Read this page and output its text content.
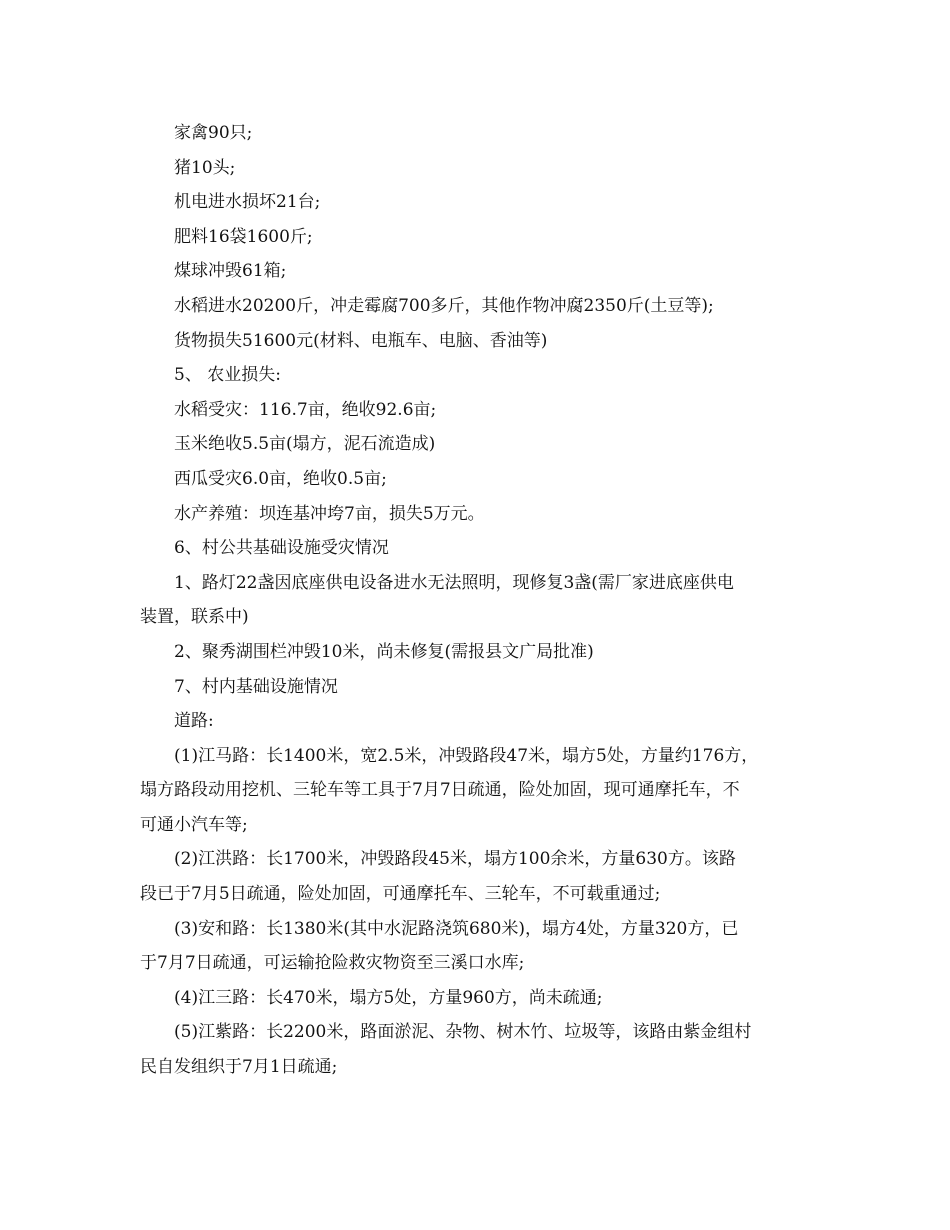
家禽90只;

猪10头;

机电进水损坏21台;

肥料16袋1600斤;

煤球冲毁61箱;

水稻进水20200斤，冲走霉腐700多斤，其他作物冲腐2350斤(土豆等);

货物损失51600元(材料、电瓶车、电脑、香油等)

5、 农业损失:

水稻受灾：116.7亩，绝收92.6亩;

玉米绝收5.5亩(塌方，泥石流造成)

西瓜受灾6.0亩，绝收0.5亩;

水产养殖：坝连基冲垮7亩，损失5万元。

6、村公共基础设施受灾情况

1、路灯22盏因底座供电设备进水无法照明，现修复3盏(需厂家进底座供电

装置，联系中)

2、聚秀湖围栏冲毁10米，尚未修复(需报县文广局批准)

7、村内基础设施情况

道路:

(1)江马路：长1400米，宽2.5米，冲毁路段47米，塌方5处，方量约176方，

塌方路段动用挖机、三轮车等工具于7月7日疏通，险处加固，现可通摩托车，不

可通小汽车等;

(2)江洪路：长1700米，冲毁路段45米，塌方100余米，方量630方。该路

段已于7月5日疏通，险处加固，可通摩托车、三轮车，不可载重通过;

(3)安和路：长1380米(其中水泥路浇筑680米)，塌方4处，方量320方，已

于7月7日疏通，可运输抢险救灾物资至三溪口水库;

(4)江三路：长470米，塌方5处，方量960方，尚未疏通;

(5)江紫路：长2200米，路面淤泥、杂物、树木竹、垃圾等，该路由紫金组村

民自发组织于7月1日疏通;
